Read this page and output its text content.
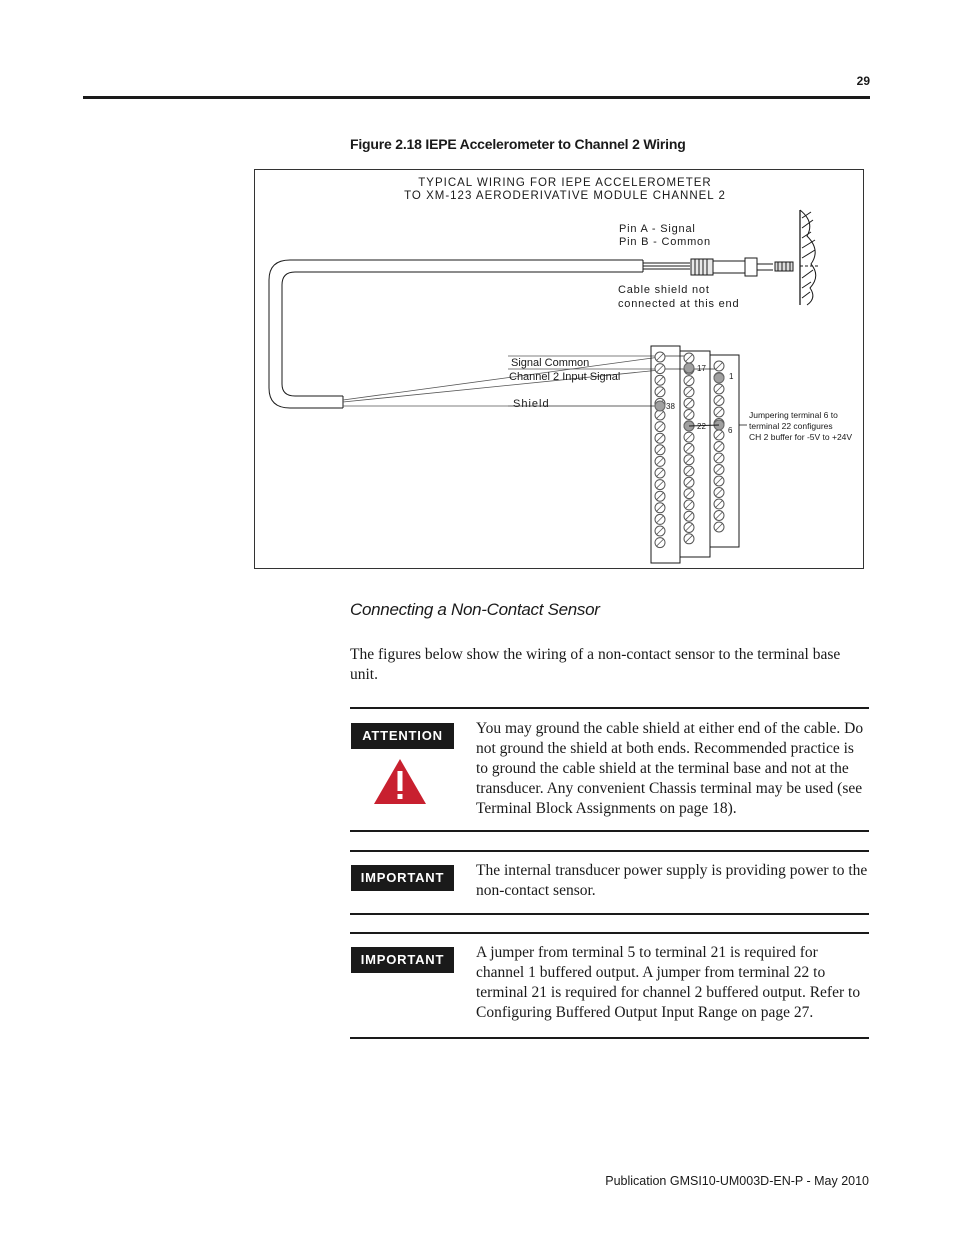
29
Figure 2.18 IEPE Accelerometer to Channel 2 Wiring
TYPICAL WIRING FOR IEPE ACCELEROMETER
TO XM-123 AERODERIVATIVE MODULE CHANNEL 2
Pin A - Signal
Pin B - Common
Cable shield not
connected at this end
Signal Common
Channel 2 Input Signal
Shield
17
1
38
22	6
Jumpering terminal 6 to
terminal 22 configures
CH 2 buffer for -5V to +24V
Connecting a Non-Contact Sensor
The figures below show the wiring of a non-contact sensor to the terminal base unit.
ATTENTION	You may ground the cable shield at either end of the cable. Do not ground the shield at both ends. Recommended practice is to ground the cable shield at the terminal base and not at the transducer. Any convenient Chassis terminal may be used (see Terminal Block Assignments on page 18).
IMPORTANT	The internal transducer power supply is providing power to the non-contact sensor.
IMPORTANT	A jumper from terminal 5 to terminal 21 is required for channel 1 buffered output. A jumper from terminal 22 to terminal 21 is required for channel 2 buffered output. Refer to Configuring Buffered Output Input Range on page 27.
Publication GMSI10-UM003D-EN-P - May 2010
